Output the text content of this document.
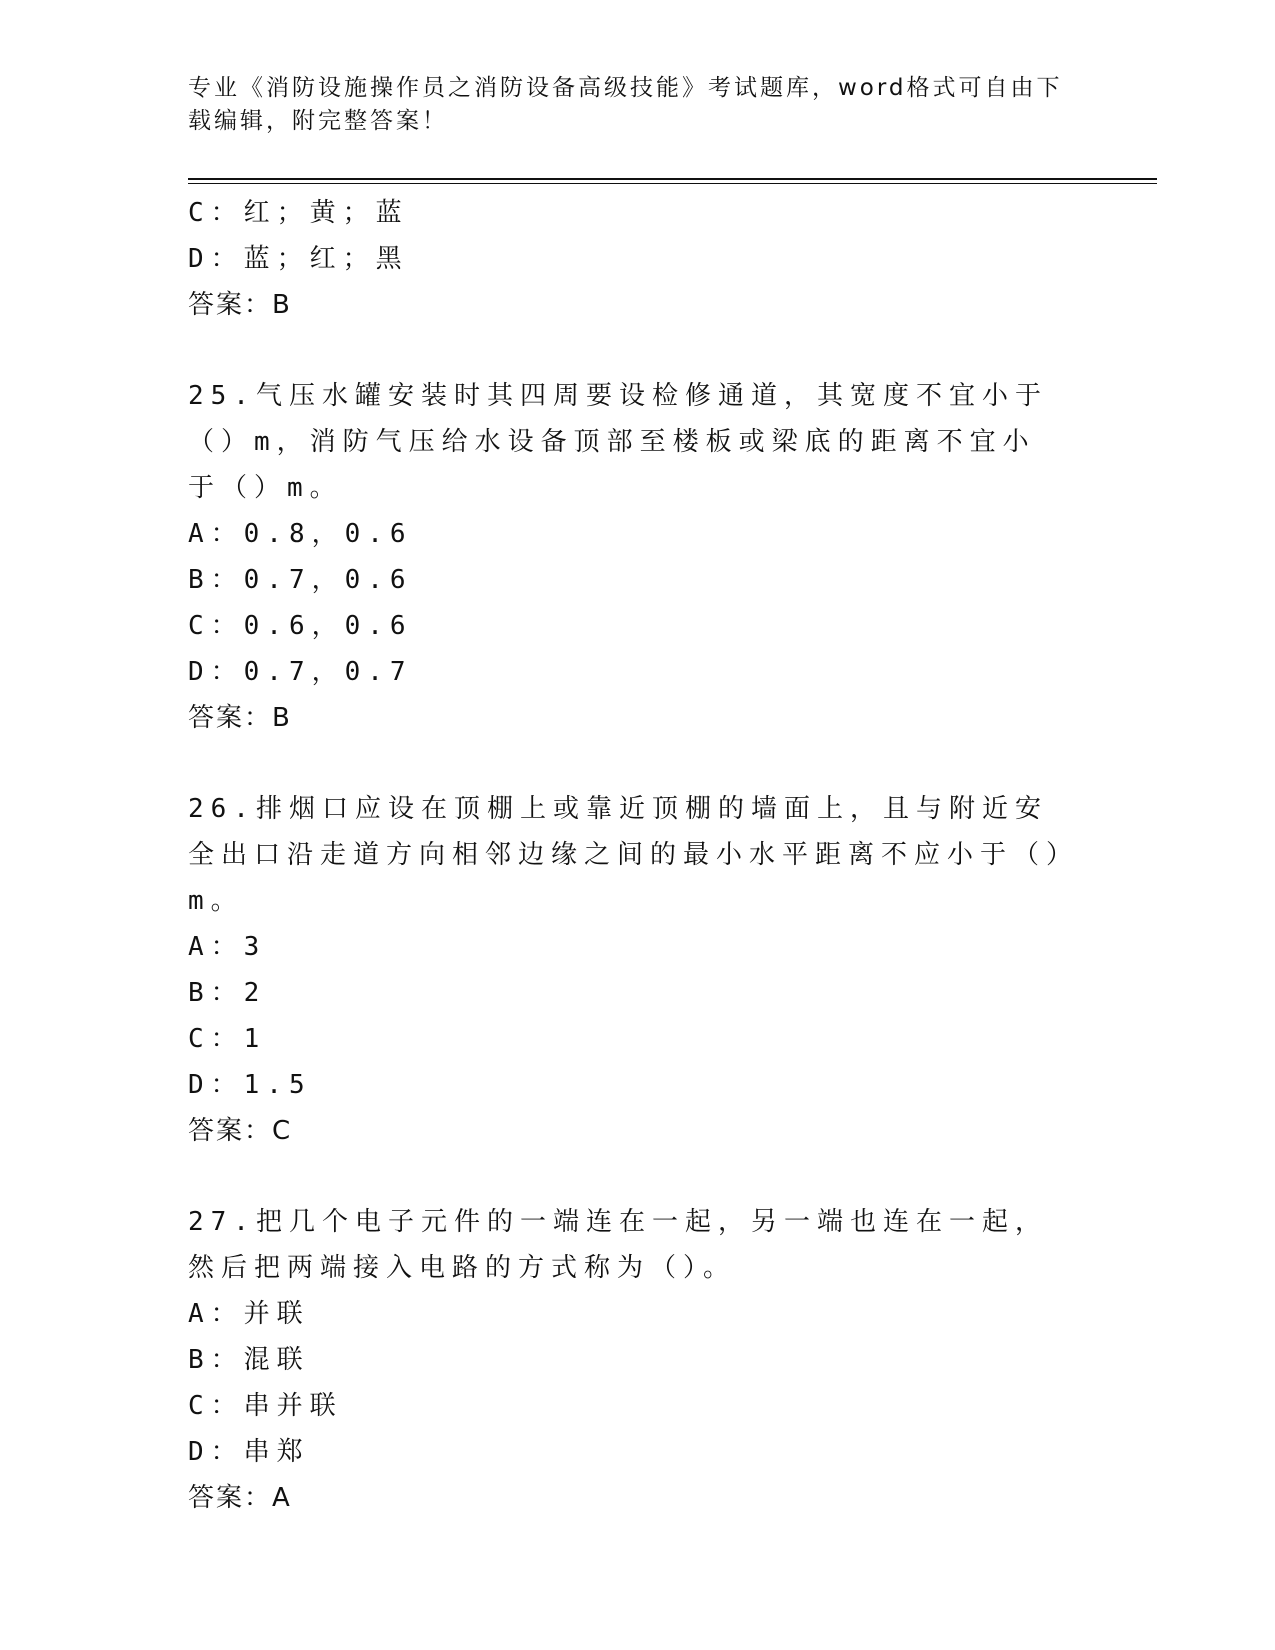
专业《消防设施操作员之消防设备高级技能》考试题库，word格式可自由下载编辑，附完整答案！

C：红；黄；蓝
D：蓝；红；黑
答案：B

25.气压水罐安装时其四周要设检修通道，其宽度不宜小于（）m，消防气压给水设备顶部至楼板或梁底的距离不宜小于（）m。

A：0.8，0.6
B：0.7，0.6
C：0.6，0.6
D：0.7，0.7
答案：B

26.排烟口应设在顶棚上或靠近顶棚的墙面上，且与附近安全出口沿走道方向相邻边缘之间的最小水平距离不应小于（）m。

A：3
B：2
C：1
D：1.5
答案：C

27.把几个电子元件的一端连在一起，另一端也连在一起，然后把两端接入电路的方式称为（）。

A：并联
B：混联
C：串并联
D：串郑
答案：A
